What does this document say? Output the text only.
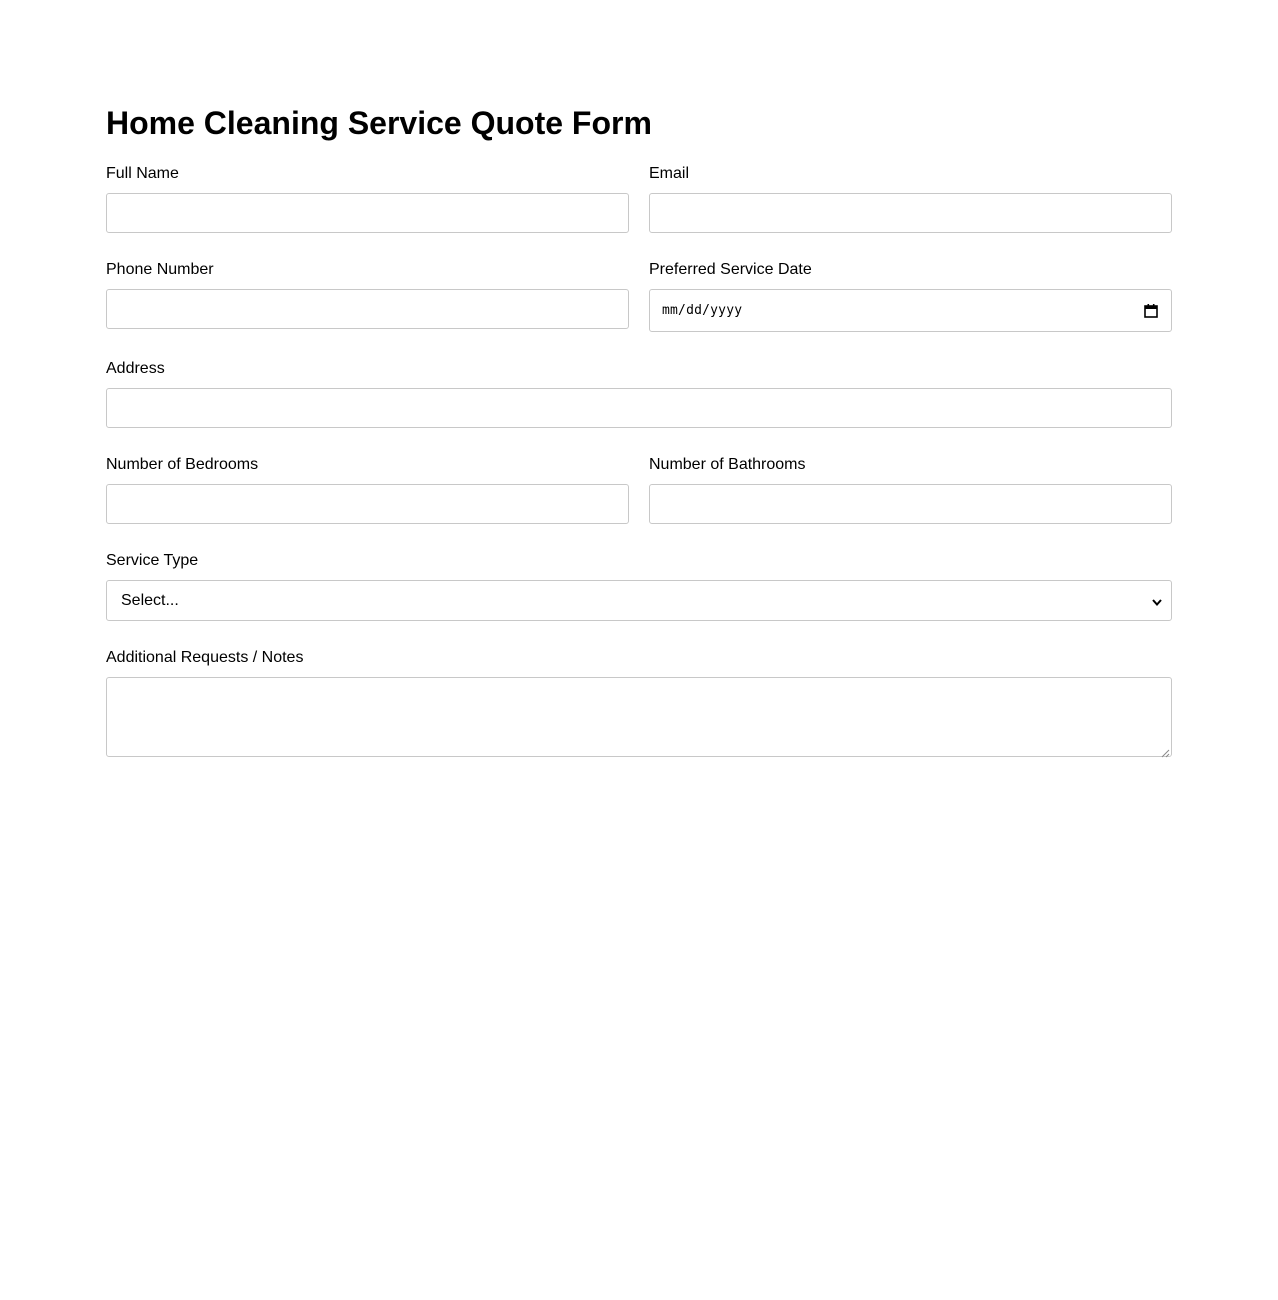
Home Cleaning Service Quote Form
Full Name	Email
Phone Number	Preferred Service Date
mm/dd/yyyy
Address
Number of Bedrooms	Number of Bathrooms
Service Type
Select...
Additional Requests / Notes
